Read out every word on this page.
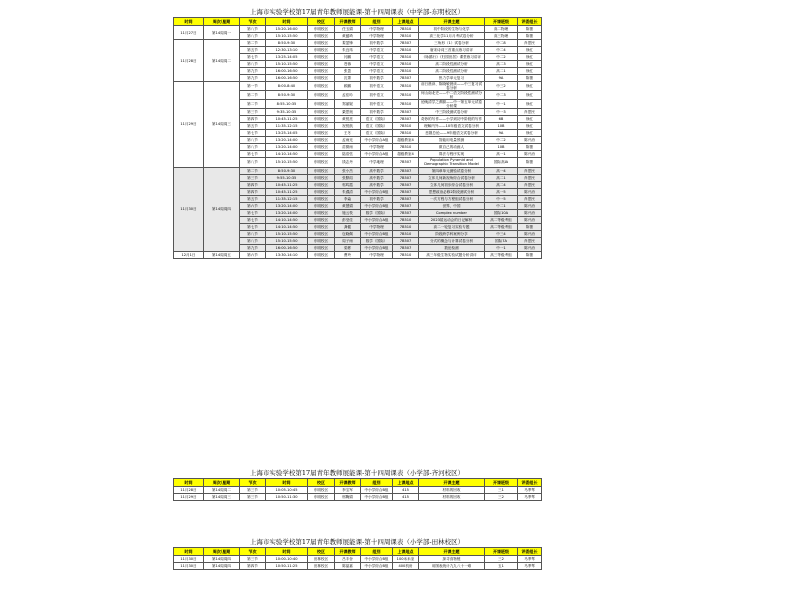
上海市实验学校第17届青年教师展能课-第十四周课表（中学部-东明校区）
时间	周次/星期	节次	时间	校区	开课教师	组别	上课地点	开课主题	开课班级	评委组长
11月27日	第14周周一	第八节	15:20-16:00	东明校区	任玉娟	中学物理	7B510	初中阶段的生物与化学	高二物理	陈蕾
		第八节	15:10-15:50	东明校区	黄蕴琦	中学物理	7B510	高三化学11月月考试卷分析	高三物理	陈蕾
11月28日	第14周周二	第二节	8:50-9:30	东明校区	娄盈锋	初中数学	7B507	三角形（1）试卷分析	中二8	肖思民
		第五节	12:30-13:10	东明校区	朱良玮	中学语文	7B510	唐宋诗词三首重点练习讲评	中二4	徐红
		第七节	13:25-14:05	东明校区	闫鹏	中学语文	7B510	《咏鹅行》《归园田居》课堂练习讲评	中二2	徐红
		第八节	15:10-15:50	东明校区	苍蓉	中学语文	7B510	高二阶段性测试分析	高二3	徐红
		第九节	16:00-16:50	东明校区	张盈	中学语文	7B510	高二阶段性测试分析	高二1	徐红
		第九节	16:00-16:50	东明校区	沈菁	初中数学	7B507	热力学单元复习	9A	陈蕾
11月29日	第14周周三	第一节	8:00-8:40	东明校区	顾鹏	初中语文	7B510	前日晨读、陈晓敏晨读——中三复习试卷分析	中三2	徐红
		第二节	8:50-9:30	东明校区	孟佳吟	初中语文	7B510	何山南北史——中二语文阶段性测试分析	中二3	徐红
		第二节	8:55-10:35	东明校区	郑丽妮	初中语文	7B510	论晚清学之溯源——中一第五单元试卷分析课	中一1	徐红
		第三节	9:35-10:35	东明校区	栗思奥	初中数学	7B507	中三阶段测试卷分析	中一3	肖思民
		第四节	10:45-11:25	东明校区	黄悦亮	语文（国际）	7B507	奇妙的写作——小学到初中阶段的写作	6B	徐红
		第五节	11:35-12:15	东明校区	祝悦航	语文（国际）	7B510	理解内外——10年级语文试卷分析	10B	徐红
		第七节	13:25-14:05	东明校区	王冬	语文（国际）	7B510	悲剧总论——9年级语文试卷分析	9A	徐红
		第八节	13:20-14:00	东明校区	孟雨光	中小学综合A组	超级教室4	智能用电量预测	中二2	陈兴治
		第八节	13:20-14:00	东明校区	苗微雨	中学物理	7B510	做自己的动画人	10B	陈蕾
		第七节	14:10-14:50	东明校区	陆浩弦	中小学综合A组	超级教室4	算法与程序实现	高一1	陈兴治
		第八节	15:10-15:50	东明校区	钱志丹	中学地理	7B507	Population Pyramid and Demographic Transition Model	国际高IA	陈蕾
11月30日	第14周周四	第二节	8:50-9:30	东明校区	张小杰	高中数学	7B507	第四章单元测验试卷分析	高一4	肖思民
		第三节	9:55-10:35	东明校区	张默绍	高中数学	7B507	立体几何新视角综合试卷分析	高二1	肖思民
		第四节	10:45-11:25	东明校区	郭鸣霞	高中数学	7B507	立体几何初步综合试卷分析	高二4	肖思民
		第四节	10:45-11:25	东明校区	朱濮清	中小学综合B组	7B507	思想政治必修2阶段测试分析	高一5	陈兴治
		第五节	11:35-12:15	东明校区	李淼	初中数学	7B507	一次方程与方程组试卷分析	中一5	肖思民
		第六节	13:20-14:00	东明校区	黄慧娟	中小学综合B组	7B507	世界，中国	中二1	陈兴治
		第七节	13:20-14:00	东明校区	施云枝	数学（国际）	7B507	Complex number	国际10A	陈兴治
		第七节	14:10-14:50	东明校区	彭莹佳	中小学综合A组	7B510	2023届运动会的日记解析	高二等级考组	陈兴治
		第七节	14:10-14:50	东明校区	龚健	中学物理	7B510	高二一轮复习实验专题	高二等级考组	陈蕾
		第八节	15:10-15:50	东明校区	包晓佩	中小学综合B组	7B510	阶段跨学科案例分享	中三4	陈兴治
		第八节	15:10-15:50	东明校区	周子雨	数学（国际）	7B507	分式的概念与计算试卷分析	国际7A	肖思民
		第九节	16:00-16:50	东明校区	梁彬	中小学综合B组	7B507	数论检测	中一1	陈兴治
12月1日	第14周周五	第六节	13:30-14:10	东明校区	曹玲	中学物理	7B510	高三年级生物实验试题分析讲评	高三等级考组	陈蕾
上海市实验学校第17届青年教师展能课-第十四周课表（小学部-齐河校区）
时间	周次/星期	节次	时间	校区	开课教师	组别	上课地点	开课主题	开课班级	评委组长
11月28日	第14周周二	第三节	10:05-10:45	东明校区	李宝军	中小学综合B组	415	材料的回收	三1	马季琴
11月29日	第14周周三	第三节	10:50-11:30	东明校区	邢鞠娟	中小学综合B组	415	材料的回收	三2	马季琴
上海市实验学校第17届青年教师展能课-第十四周课表（小学部-田林校区）
时间	周次/星期	节次	时间	校区	开课教师	组别	上课地点	开课主题	开课班级	评委组长
11月30日	第14周周四	第三节	10:00-10:40	田林校区	吕丰舍	中小学综合B组	100米米室	探寻食物链	三2	马季琴
11月30日	第14周周四	第四节	10:50-11:25	田林校区	陈晶嘉	中小学综合B组	400机房	用图表统计九九八十一难	五1	马季琴
